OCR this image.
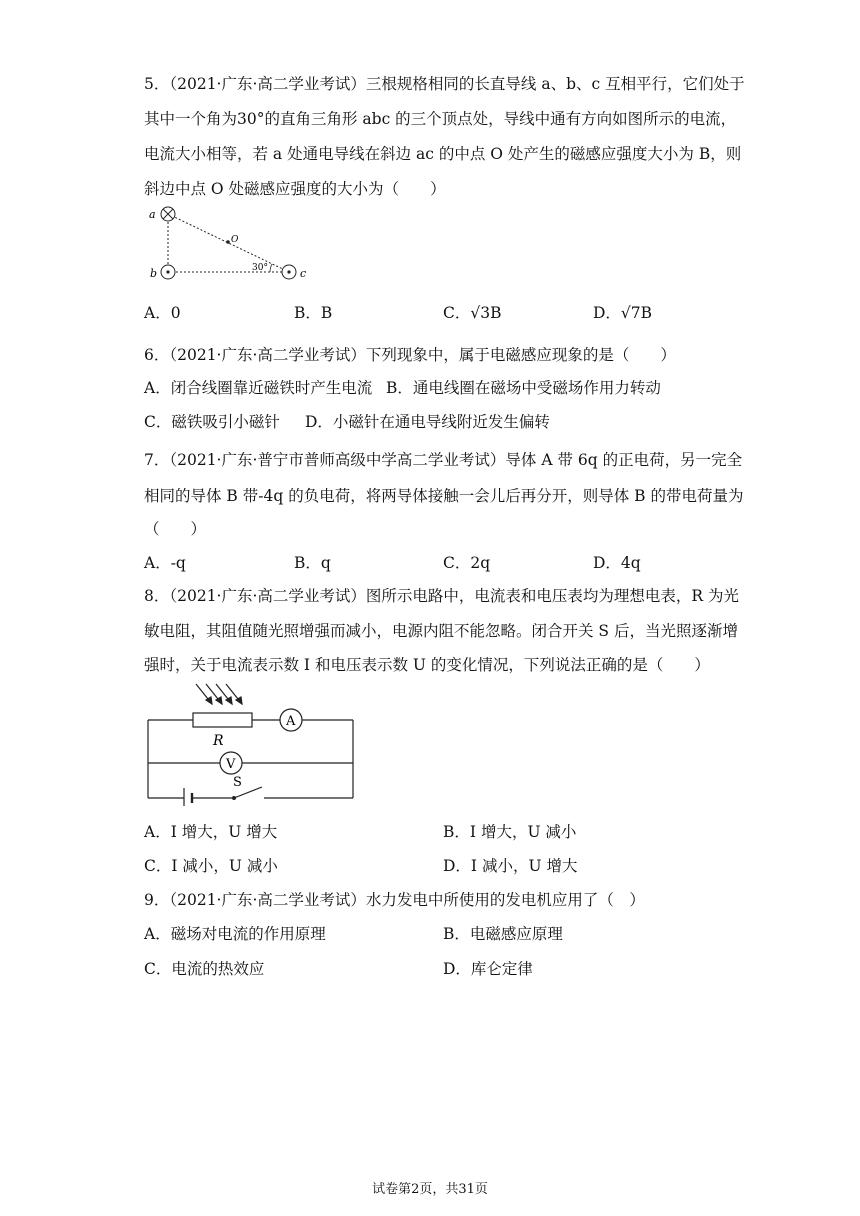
5．（2021·广东·高二学业考试）三根规格相同的长直导线 a、b、c 互相平行，它们处于
其中一个角为30°的直角三角形 abc 的三个顶点处，导线中通有方向如图所示的电流，
电流大小相等，若 a 处通电导线在斜边 ac 的中点 O 处产生的磁感应强度大小为 B，则
斜边中点 O 处磁感应强度的大小为（　　）
a
b	c
O
30°
A．0	B．B	C．√3B	D．√7B
6．（2021·广东·高二学业考试）下列现象中，属于电磁感应现象的是（　　）
A．闭合线圈靠近磁铁时产生电流 B．通电线圈在磁场中受磁场作用力转动
C．磁铁吸引小磁针 D．小磁针在通电导线附近发生偏转
7．（2021·广东·普宁市普师高级中学高二学业考试）导体 A 带 6q 的正电荷，另一完全
相同的导体 B 带-4q 的负电荷，将两导体接触一会儿后再分开，则导体 B 的带电荷量为
（　　）
A．-q	B．q	C．2q	D．4q
8．（2021·广东·高二学业考试）图所示电路中，电流表和电压表均为理想电表，R 为光
敏电阻，其阻值随光照增强而减小，电源内阻不能忽略。闭合开关 S 后，当光照逐渐增
强时，关于电流表示数 I 和电压表示数 U 的变化情况，下列说法正确的是（　　）
A
V
R
S
A．I 增大，U 增大	B．I 增大，U 减小
C．I 减小，U 减小	D．I 减小，U 增大
9．（2021·广东·高二学业考试）水力发电中所使用的发电机应用了（　）
A．磁场对电流的作用原理	B．电磁感应原理
C．电流的热效应	D．库仑定律
试卷第2页，共31页
